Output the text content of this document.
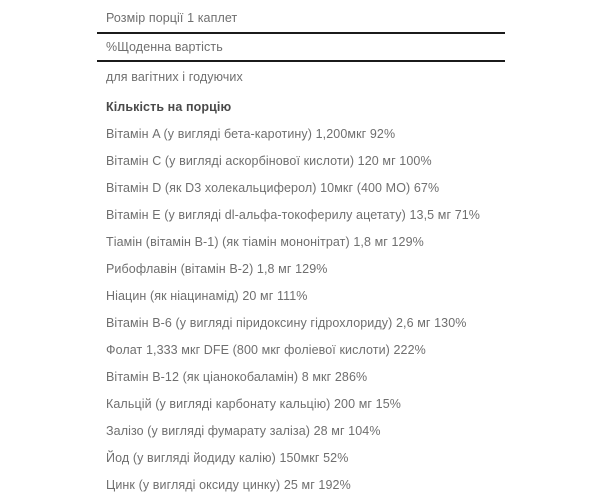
Розмір порції 1 каплет
%Щоденна вартість
для вагітних і годуючих
Кількість на порцію
Вітамін A (у вигляді бета-каротину) 1,200мкг 92%
Вітамін C (у вигляді аскорбінової кислоти) 120 мг 100%
Вітамін D (як D3 холекальциферол) 10мкг (400 МО) 67%
Вітамін E (у вигляді dl-альфа-токоферилу ацетату) 13,5 мг 71%
Тіамін (вітамін B-1) (як тіамін мононітрат) 1,8 мг 129%
Рибофлавін (вітамін B-2) 1,8 мг 129%
Ніацин (як ніацинамід) 20 мг 111%
Вітамін B-6 (у вигляді піридоксину гідрохлориду) 2,6 мг 130%
Фолат 1,333 мкг DFE (800 мкг фоліевої кислоти) 222%
Вітамін B-12 (як ціанокобаламін) 8 мкг 286%
Кальцій (у вигляді карбонату кальцію) 200 мг 15%
Залізо (у вигляді фумарату заліза) 28 мг 104%
Йод (у вигляді йодиду калію) 150мкг 52%
Цинк (у вигляді оксиду цинку) 25 мг 192%
